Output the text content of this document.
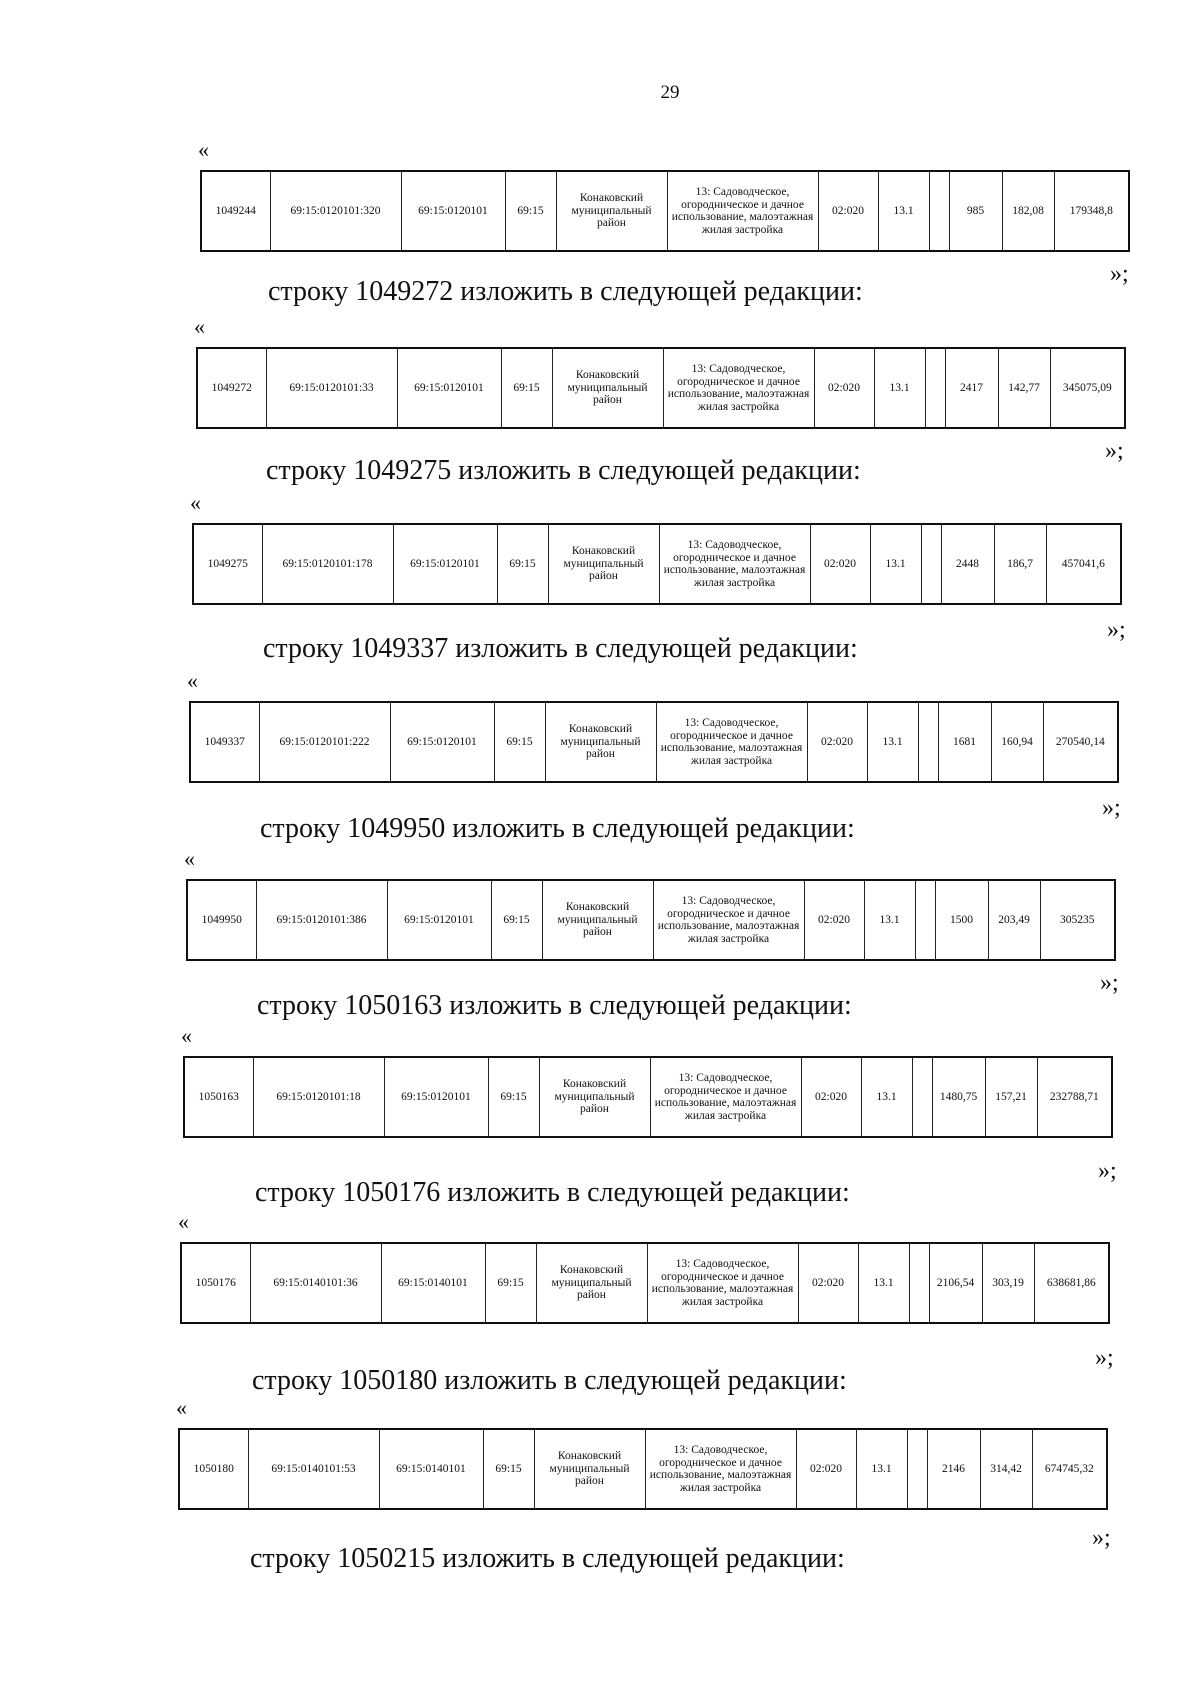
29
«
1049244	69:15:0120101:320	69:15:0120101	69:15	Конаковский муниципальный район	13: Садоводческое, огородническое и дачное использование, малоэтажная жилая застройка	02:020	13.1		985	182,08	179348,8
»;
строку 1049272 изложить в следующей редакции:
«
1049272	69:15:0120101:33	69:15:0120101	69:15	Конаковский муниципальный район	13: Садоводческое, огородническое и дачное использование, малоэтажная жилая застройка	02:020	13.1		2417	142,77	345075,09
»;
строку 1049275 изложить в следующей редакции:
«
1049275	69:15:0120101:178	69:15:0120101	69:15	Конаковский муниципальный район	13: Садоводческое, огородническое и дачное использование, малоэтажная жилая застройка	02:020	13.1		2448	186,7	457041,6
»;
строку 1049337 изложить в следующей редакции:
«
1049337	69:15:0120101:222	69:15:0120101	69:15	Конаковский муниципальный район	13: Садоводческое, огородническое и дачное использование, малоэтажная жилая застройка	02:020	13.1		1681	160,94	270540,14
»;
строку 1049950 изложить в следующей редакции:
«
1049950	69:15:0120101:386	69:15:0120101	69:15	Конаковский муниципальный район	13: Садоводческое, огородническое и дачное использование, малоэтажная жилая застройка	02:020	13.1		1500	203,49	305235
»;
строку 1050163 изложить в следующей редакции:
«
1050163	69:15:0120101:18	69:15:0120101	69:15	Конаковский муниципальный район	13: Садоводческое, огородническое и дачное использование, малоэтажная жилая застройка	02:020	13.1		1480,75	157,21	232788,71
»;
строку 1050176 изложить в следующей редакции:
«
1050176	69:15:0140101:36	69:15:0140101	69:15	Конаковский муниципальный район	13: Садоводческое, огородническое и дачное использование, малоэтажная жилая застройка	02:020	13.1		2106,54	303,19	638681,86
»;
строку 1050180 изложить в следующей редакции:
«
1050180	69:15:0140101:53	69:15:0140101	69:15	Конаковский муниципальный район	13: Садоводческое, огородническое и дачное использование, малоэтажная жилая застройка	02:020	13.1		2146	314,42	674745,32
»;
строку 1050215 изложить в следующей редакции:
